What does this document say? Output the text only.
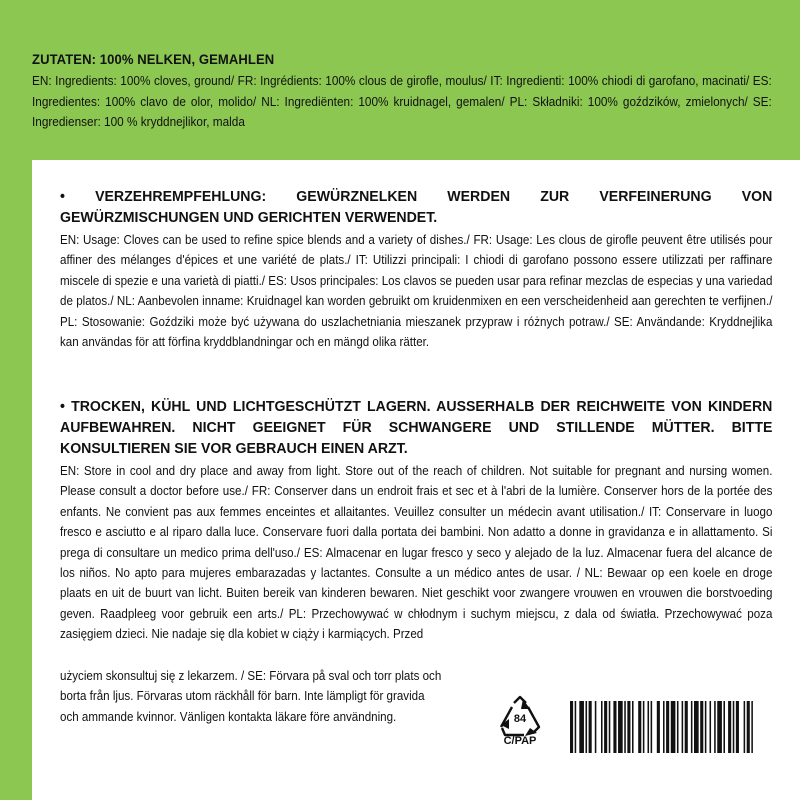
ZUTATEN: 100% NELKEN, GEMAHLEN
EN: Ingredients: 100% cloves, ground/ FR: Ingrédients: 100% clous de girofle, moulus/ IT: Ingredienti: 100% chiodi di garofano, macinati/ ES: Ingredientes: 100% clavo de olor, molido/ NL: Ingrediënten: 100% kruidnagel, gemalen/ PL: Składniki: 100% goździków, zmielonych/ SE: Ingredienser: 100 % kryddnejlikor, malda
• VERZEHREMPFEHLUNG: GEWÜRZNELKEN WERDEN ZUR VERFEINERUNG VON GEWÜRZMISCHUNGEN UND GERICHTEN VERWENDET.
EN: Usage: Cloves can be used to refine spice blends and a variety of dishes./ FR: Usage: Les clous de girofle peuvent être utilisés pour affiner des mélanges d'épices et une variété de plats./ IT: Utilizzi principali: I chiodi di garofano possono essere utilizzati per raffinare miscele di spezie e una varietà di piatti./ ES: Usos principales: Los clavos se pueden usar para refinar mezclas de especias y una variedad de platos./ NL: Aanbevolen inname: Kruidnagel kan worden gebruikt om kruidenmixen en een verscheidenheid aan gerechten te verfijnen./ PL: Stosowanie: Goździki może być używana do uszlachetniania mieszanek przypraw i różnych potraw./ SE: Användande: Kryddnejlika kan användas för att förfina kryddblandningar och en mängd olika rätter.
• TROCKEN, KÜHL UND LICHTGESCHÜTZT LAGERN. AUSSERHALB DER REICHWEITE VON KINDERN AUFBEWAHREN. NICHT GEEIGNET FÜR SCHWANGERE UND STILLENDE MÜTTER. BITTE KONSULTIEREN SIE VOR GEBRAUCH EINEN ARZT.
EN: Store in cool and dry place and away from light. Store out of the reach of children. Not suitable for pregnant and nursing women. Please consult a doctor before use./ FR: Conserver dans un endroit frais et sec et à l'abri de la lumière. Conserver hors de la portée des enfants. Ne convient pas aux femmes enceintes et allaitantes. Veuillez consulter un médecin avant utilisation./ IT: Conservare in luogo fresco e asciutto e al riparo dalla luce. Conservare fuori dalla portata dei bambini. Non adatto a donne in gravidanza e in allattamento. Si prega di consultare un medico prima dell'uso./ ES: Almacenar en lugar fresco y seco y alejado de la luz. Almacenar fuera del alcance de los niños. No apto para mujeres embarazadas y lactantes. Consulte a un médico antes de usar. / NL: Bewaar op een koele en droge plaats en uit de buurt van licht. Buiten bereik van kinderen bewaren. Niet geschikt voor zwangere vrouwen en vrouwen die borstvoeding geven. Raadpleeg voor gebruik een arts./ PL: Przechowywać w chłodnym i suchym miejscu, z dala od światła. Przechowywać poza zasięgiem dzieci. Nie nadaje się dla kobiet w ciąży i karmiących. Przed
użyciem skonsultuj się z lekarzem. / SE: Förvara på sval och torr plats och
borta från ljus. Förvaras utom räckhåll för barn. Inte lämpligt för gravida
och ammande kvinnor. Vänligen kontakta läkare före användning.	84
C/PAP
